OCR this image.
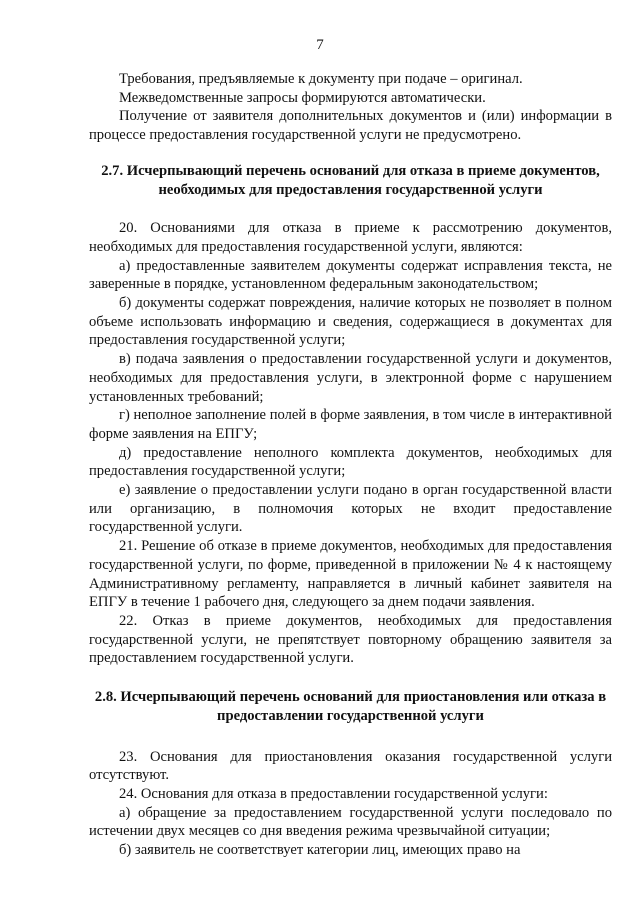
7

Требования, предъявляемые к документу при подаче – оригинал.

Межведомственные запросы формируются автоматически.

Получение от заявителя дополнительных документов и (или) информации в процессе предоставления государственной услуги не предусмотрено.

2.7. Исчерпывающий перечень оснований для отказа в приеме документов, необходимых для предоставления государственной услуги

20. Основаниями для отказа в приеме к рассмотрению документов, необходимых для предоставления государственной услуги, являются:

а) предоставленные заявителем документы содержат исправления текста, не заверенные в порядке, установленном федеральным законодательством;

б) документы содержат повреждения, наличие которых не позволяет в полном объеме использовать информацию и сведения, содержащиеся в документах для предоставления государственной услуги;

в) подача заявления о предоставлении государственной услуги и документов, необходимых для предоставления услуги, в электронной форме с нарушением установленных требований;

г) неполное заполнение полей в форме заявления, в том числе в интерактивной форме заявления на ЕПГУ;

д) предоставление неполного комплекта документов, необходимых для предоставления государственной услуги;

е) заявление о предоставлении услуги подано в орган государственной власти или организацию, в полномочия которых не входит предоставление государственной услуги.

21. Решение об отказе в приеме документов, необходимых для предоставления государственной услуги, по форме, приведенной в приложении № 4 к настоящему Административному регламенту, направляется в личный кабинет заявителя на ЕПГУ в течение 1 рабочего дня, следующего за днем подачи заявления.

22. Отказ в приеме документов, необходимых для предоставления государственной услуги, не препятствует повторному обращению заявителя за предоставлением государственной услуги.

2.8. Исчерпывающий перечень оснований для приостановления или отказа в предоставлении государственной услуги

23. Основания для приостановления оказания государственной услуги отсутствуют.

24. Основания для отказа в предоставлении государственной услуги:

а) обращение за предоставлением государственной услуги последовало по истечении двух месяцев со дня введения режима чрезвычайной ситуации;

б) заявитель не соответствует категории лиц, имеющих право на
